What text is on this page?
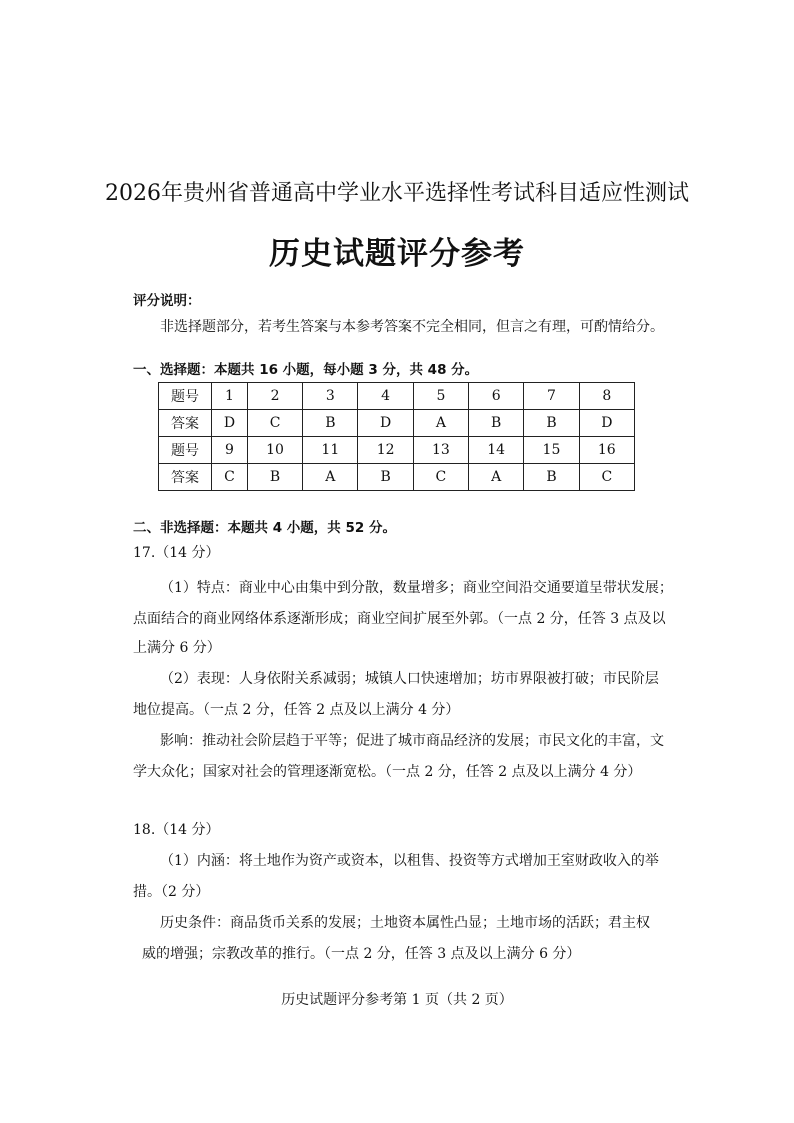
2026年贵州省普通高中学业水平选择性考试科目适应性测试
历史试题评分参考
评分说明：
非选择题部分，若考生答案与本参考答案不完全相同，但言之有理，可酌情给分。
一、选择题：本题共 16 小题，每小题 3 分，共 48 分。
题号	1	2	3	4	5	6	7	8
答案	D	C	B	D	A	B	B	D
题号	9	10	11	12	13	14	15	16
答案	C	B	A	B	C	A	B	C
二、非选择题：本题共 4 小题，共 52 分。
17.（14 分）
（1）特点：商业中心由集中到分散，数量增多；商业空间沿交通要道呈带状发展；
点面结合的商业网络体系逐渐形成；商业空间扩展至外郭。（一点 2 分，任答 3 点及以
上满分 6 分）
（2）表现：人身依附关系减弱；城镇人口快速增加；坊市界限被打破；市民阶层
地位提高。（一点 2 分，任答 2 点及以上满分 4 分）
影响：推动社会阶层趋于平等；促进了城市商品经济的发展；市民文化的丰富，文
学大众化；国家对社会的管理逐渐宽松。（一点 2 分，任答 2 点及以上满分 4 分）
18.（14 分）
（1）内涵：将土地作为资产或资本，以租售、投资等方式增加王室财政收入的举
措。（2 分）
历史条件：商品货币关系的发展；土地资本属性凸显；土地市场的活跃；君主权
威的增强；宗教改革的推行。（一点 2 分，任答 3 点及以上满分 6 分）
历史试题评分参考第 1 页（共 2 页）
